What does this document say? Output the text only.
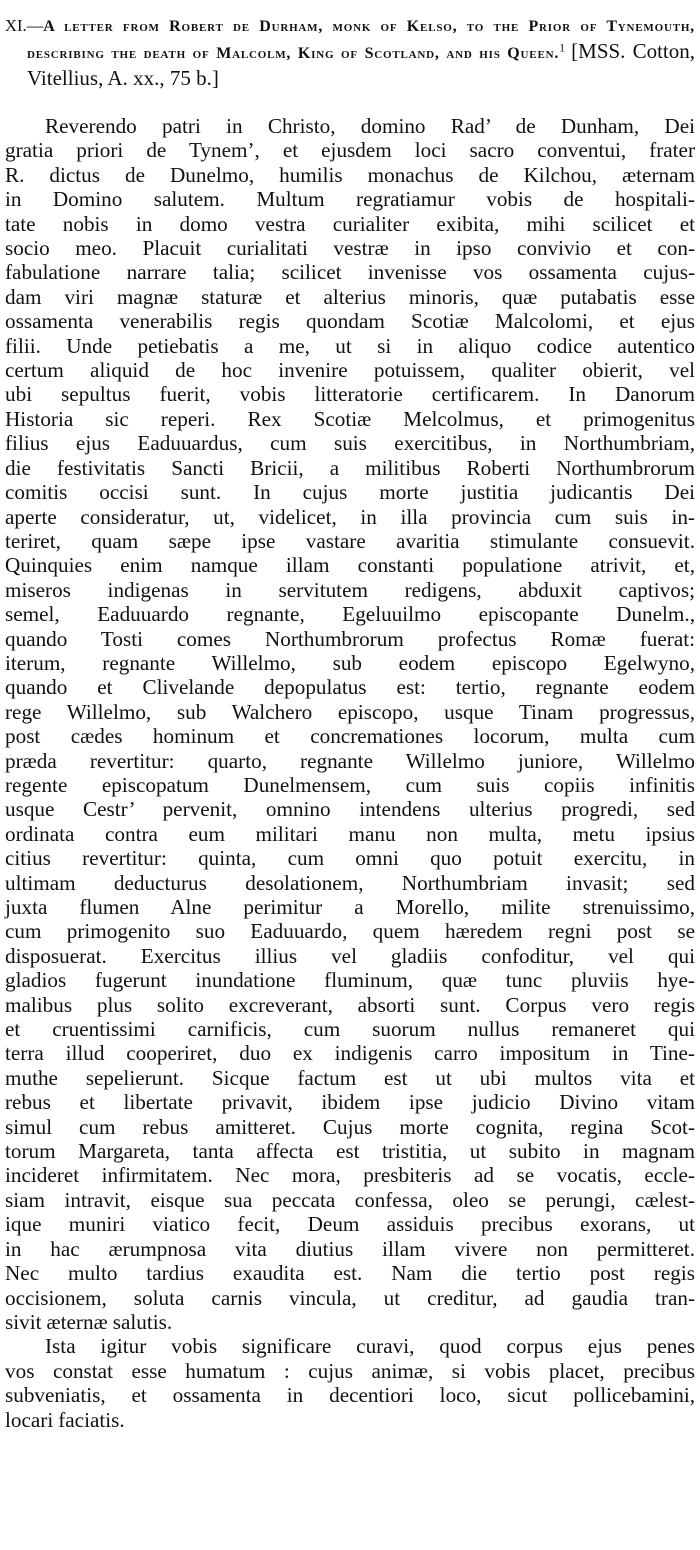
XI.—A letter from Robert de Durham, monk of Kelso, to the Prior of Tynemouth, describing the death of Malcolm, King of Scotland, and his Queen.$^1$ [MSS. Cotton, Vitellius, A. xx., 75 b.]

Reverendo patri in Christo, domino Rad’ de Dunham, Dei
gratia priori de Tynem’, et ejusdem loci sacro conventui, frater
R. dictus de Dunelmo, humilis monachus de Kilchou, æternam
in Domino salutem. Multum regratiamur vobis de hospitali-
tate nobis in domo vestra curialiter exibita, mihi scilicet et
socio meo. Placuit curialitati vestræ in ipso convivio et con-
fabulatione narrare talia; scilicet invenisse vos ossamenta cujus-
dam viri magnæ staturæ et alterius minoris, quæ putabatis esse
ossamenta venerabilis regis quondam Scotiæ Malcolomi, et ejus
filii. Unde petiebatis a me, ut si in aliquo codice autentico
certum aliquid de hoc invenire potuissem, qualiter obierit, vel
ubi sepultus fuerit, vobis litteratorie certificarem. In Danorum
Historia sic reperi. Rex Scotiæ Melcolmus, et primogenitus
filius ejus Eaduuardus, cum suis exercitibus, in Northumbriam,
die festivitatis Sancti Bricii, a militibus Roberti Northumbrorum
comitis occisi sunt. In cujus morte justitia judicantis Dei
aperte consideratur, ut, videlicet, in illa provincia cum suis in-
teriret, quam sæpe ipse vastare avaritia stimulante consuevit.
Quinquies enim namque illam constanti populatione atrivit, et,
miseros indigenas in servitutem redigens, abduxit captivos;
semel, Eaduuardo regnante, Egeluuilmo episcopante Dunelm.,
quando Tosti comes Northumbrorum profectus Romæ fuerat:
iterum, regnante Willelmo, sub eodem episcopo Egelwyno,
quando et Clivelande depopulatus est: tertio, regnante eodem
rege Willelmo, sub Walchero episcopo, usque Tinam progressus,
post cædes hominum et concremationes locorum, multa cum
præda revertitur: quarto, regnante Willelmo juniore, Willelmo
regente episcopatum Dunelmensem, cum suis copiis infinitis
usque Cestr’ pervenit, omnino intendens ulterius progredi, sed
ordinata contra eum militari manu non multa, metu ipsius
citius revertitur: quinta, cum omni quo potuit exercitu, in
ultimam deducturus desolationem, Northumbriam invasit; sed
juxta flumen Alne perimitur a Morello, milite strenuissimo,
cum primogenito suo Eaduuardo, quem hæredem regni post se
disposuerat. Exercitus illius vel gladiis confoditur, vel qui
gladios fugerunt inundatione fluminum, quæ tunc pluviis hye-
malibus plus solito excreverant, absorti sunt. Corpus vero regis
et cruentissimi carnificis, cum suorum nullus remaneret qui
terra illud cooperiret, duo ex indigenis carro impositum in Tine-
muthe sepelierunt. Sicque factum est ut ubi multos vita et
rebus et libertate privavit, ibidem ipse judicio Divino vitam
simul cum rebus amitteret. Cujus morte cognita, regina Scot-
torum Margareta, tanta affecta est tristitia, ut subito in magnam
incideret infirmitatem. Nec mora, presbiteris ad se vocatis, eccle-
siam intravit, eisque sua peccata confessa, oleo se perungi, cælest-
ique muniri viatico fecit, Deum assiduis precibus exorans, ut
in hac ærumpnosa vita diutius illam vivere non permitteret.
Nec multo tardius exaudita est. Nam die tertio post regis
occisionem, soluta carnis vincula, ut creditur, ad gaudia tran-
sivit æternæ salutis.
Ista igitur vobis significare curavi, quod corpus ejus penes
vos constat esse humatum : cujus animæ, si vobis placet, precibus
subveniatis, et ossamenta in decentiori loco, sicut pollicebamini,
locari faciatis.
